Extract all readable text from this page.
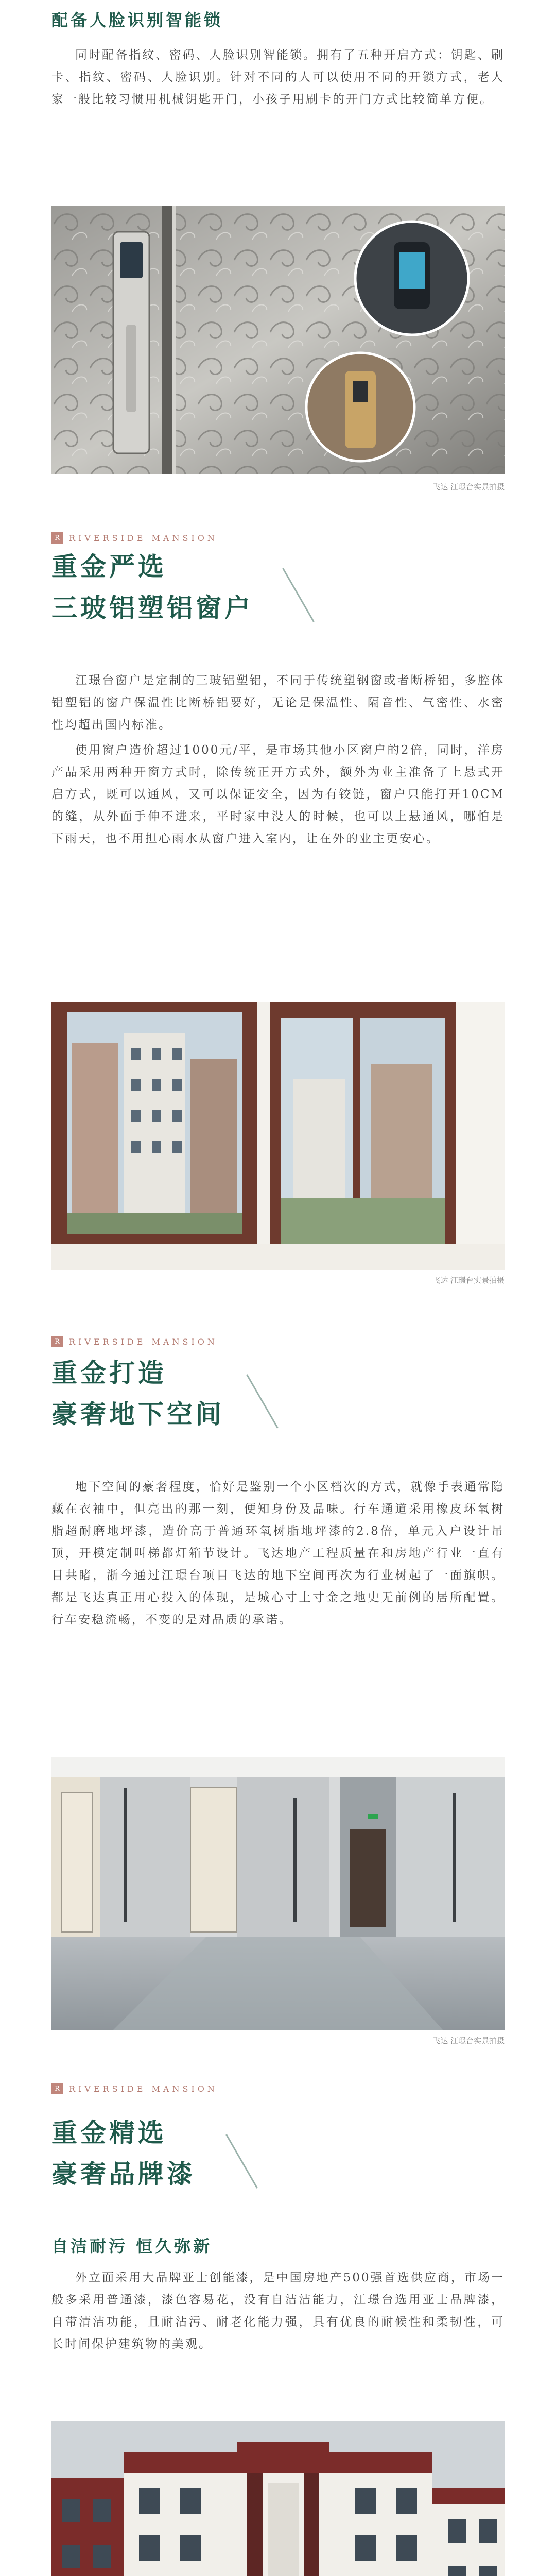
配备人脸识别智能锁

同时配备指纹、密码、人脸识别智能锁。拥有了五种开启方式：钥匙、刷卡、指纹、密码、人脸识别。针对不同的人可以使用不同的开锁方式，老人家一般比较习惯用机械钥匙开门，小孩子用刷卡的开门方式比较简单方便。

飞达 江璟台实景拍摄
R	RIVERSIDE MANSION
重金严选
三玻铝塑铝窗户

江璟台窗户是定制的三玻铝塑铝，不同于传统塑钢窗或者断桥铝，多腔体铝塑铝的窗户保温性比断桥铝要好，无论是保温性、隔音性、气密性、水密性均超出国内标准。

使用窗户造价超过1000元/平，是市场其他小区窗户的2倍，同时，洋房产品采用两种开窗方式时，除传统正开方式外，额外为业主准备了上悬式开启方式，既可以通风，又可以保证安全，因为有铰链，窗户只能打开10CM的缝，从外面手伸不进来，平时家中没人的时候，也可以上悬通风，哪怕是下雨天，也不用担心雨水从窗户进入室内，让在外的业主更安心。

飞达 江璟台实景拍摄
R	RIVERSIDE MANSION
重金打造
豪奢地下空间

地下空间的豪奢程度，恰好是鉴别一个小区档次的方式，就像手表通常隐藏在衣袖中，但亮出的那一刻，便知身份及品味。行车通道采用橡皮环氧树脂超耐磨地坪漆，造价高于普通环氧树脂地坪漆的2.8倍，单元入户设计吊顶，开模定制叫梯都灯箱节设计。飞达地产工程质量在和房地产行业一直有目共睹，浙今通过江璟台项目飞达的地下空间再次为行业树起了一面旗帜。都是飞达真正用心投入的体现，是城心寸土寸金之地史无前例的居所配置。行车安稳流畅，不变的是对品质的承诺。

飞达 江璟台实景拍摄
R	RIVERSIDE MANSION
重金精选
豪奢品牌漆
自洁耐污 恒久弥新

外立面采用大品牌亚士创能漆，是中国房地产500强首选供应商，市场一般多采用普通漆，漆色容易花，没有自洁洁能力，江璟台选用亚士品牌漆，自带清洁功能，且耐沾污、耐老化能力强，具有优良的耐候性和柔韧性，可长时间保护建筑物的美观。
